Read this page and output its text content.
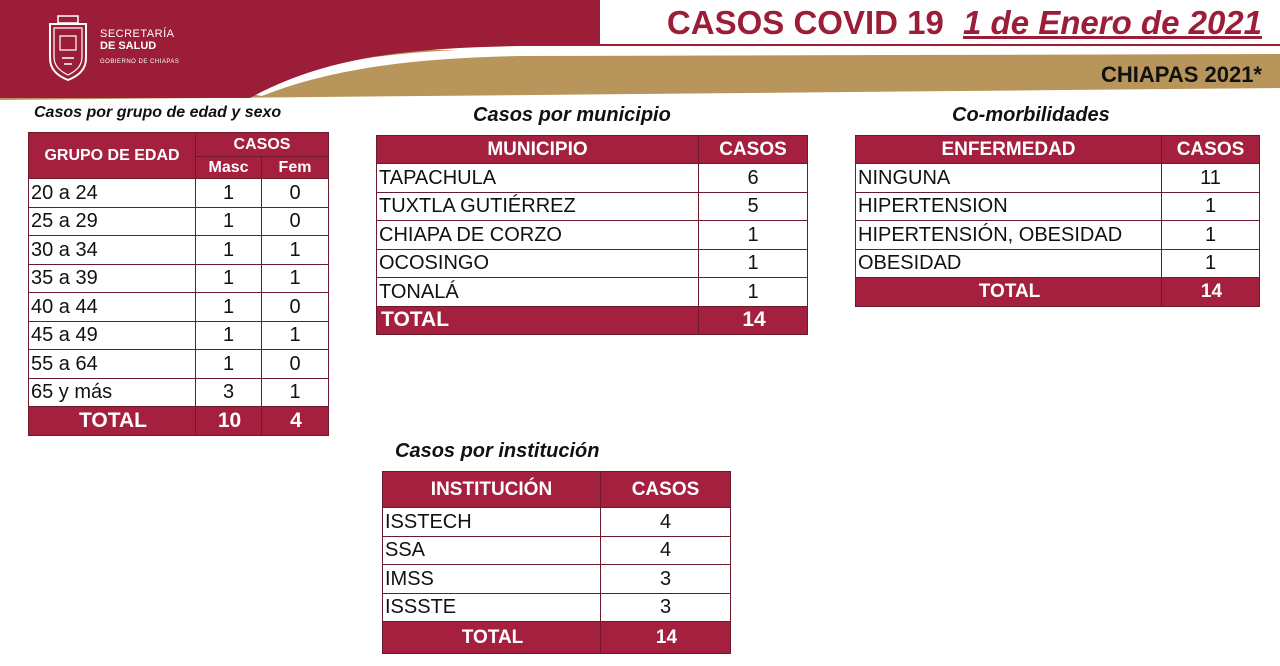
SECRETARÍA
DE SALUD
GOBIERNO DE CHIAPAS
CASOS COVID 19 1 de Enero de 2021
CHIAPAS 2021*
Casos por grupo de edad y sexo
GRUPO DE EDAD	CASOS	
	Masc	Fem
20 a 24	1	0
25 a 29	1	0
30 a 34	1	1
35 a 39	1	1
40 a 44	1	0
45 a 49	1	1
55 a 64	1	0
65 y más	3	1
TOTAL	10	4
Casos por municipio
MUNICIPIO	CASOS
TAPACHULA	6
TUXTLA GUTIÉRREZ	5
CHIAPA DE CORZO	1
OCOSINGO	1
TONALÁ	1
TOTAL	14
Co-morbilidades
ENFERMEDAD	CASOS
NINGUNA	11
HIPERTENSION	1
HIPERTENSIÓN, OBESIDAD	1
OBESIDAD	1
TOTAL	14
Casos por institución
INSTITUCIÓN	CASOS
ISSTECH	4
SSA	4
IMSS	3
ISSSTE	3
TOTAL	14
